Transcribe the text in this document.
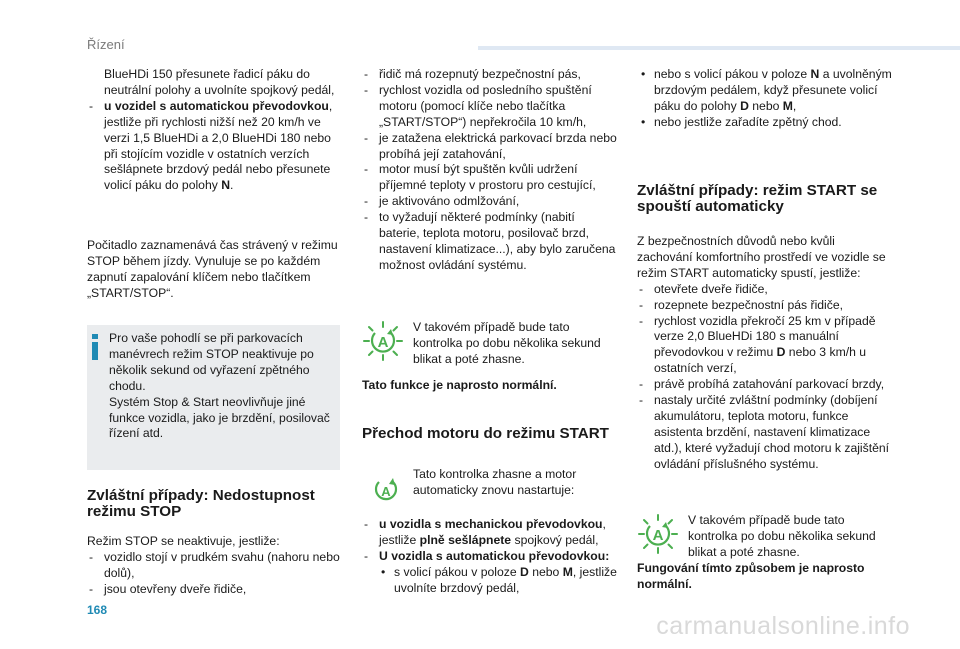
Řízení

BlueHDi 150 přesunete řadicí páku do neutrální polohy a uvolníte spojkový pedál,

- u vozidel s automatickou převodovkou, jestliže při rychlosti nižší než 20 km/h ve verzi 1,5 BlueHDi a 2,0 BlueHDi 180 nebo při stojícím vozidle v ostatních verzích sešlápnete brzdový pedál nebo přesunete volicí páku do polohy N.

Počitadlo zaznamenává čas strávený v režimu STOP během jízdy. Vynuluje se po každém zapnutí zapalování klíčem nebo tlačítkem „START/STOP“.

Pro vaše pohodlí se při parkovacích manévrech režim STOP neaktivuje po několik sekund od vyřazení zpětného chodu.

Systém Stop & Start neovlivňuje jiné funkce vozidla, jako je brzdění, posilovač řízení atd.

Zvláštní případy: Nedostupnost režimu STOP

Režim STOP se neaktivuje, jestliže:

- vozidlo stojí v prudkém svahu (nahoru nebo dolů),

- jsou otevřeny dveře řidiče,

- řidič má rozepnutý bezpečnostní pás,

- rychlost vozidla od posledního spuštění motoru (pomocí klíče nebo tlačítka „START/STOP“) nepřekročila 10 km/h,

- je zatažena elektrická parkovací brzda nebo probíhá její zatahování,

- motor musí být spuštěn kvůli udržení příjemné teploty v prostoru pro cestující,

- je aktivováno odmlžování,

- to vyžadují některé podmínky (nabití baterie, teplota motoru, posilovač brzd, nastavení klimatizace...), aby bylo zaručena možnost ovládání systému.

A

V takovém případě bude tato kontrolka po dobu několika sekund blikat a poté zhasne.

Tato funkce je naprosto normální.

Přechod motoru do režimu START
A

Tato kontrolka zhasne a motor automaticky znovu nastartuje:

- u vozidla s mechanickou převodovkou, jestliže plně sešlápnete spojkový pedál,

- U vozidla s automatickou převodovkou:

• s volicí pákou v poloze D nebo M, jestliže uvolníte brzdový pedál,

• nebo s volicí pákou v poloze N a uvolněným brzdovým pedálem, když přesunete volicí páku do polohy D nebo M,

• nebo jestliže zařadíte zpětný chod.

Zvláštní případy: režim START se spouští automaticky

Z bezpečnostních důvodů nebo kvůli zachování komfortního prostředí ve vozidle se režim START automaticky spustí, jestliže:

- otevřete dveře řidiče,

- rozepnete bezpečnostní pás řidiče,

- rychlost vozidla překročí 25 km v případě verze 2,0 BlueHDi 180 s manuální převodovkou v režimu D nebo 3 km/h u ostatních verzí,

- právě probíhá zatahování parkovací brzdy,

- nastaly určité zvláštní podmínky (dobíjení akumulátoru, teplota motoru, funkce asistenta brzdění, nastavení klimatizace atd.), které vyžadují chod motoru k zajištění ovládání příslušného systému.

A

V takovém případě bude tato kontrolka po dobu několika sekund blikat a poté zhasne.

Fungování tímto způsobem je naprosto normální.

168
carmanualsonline.info
